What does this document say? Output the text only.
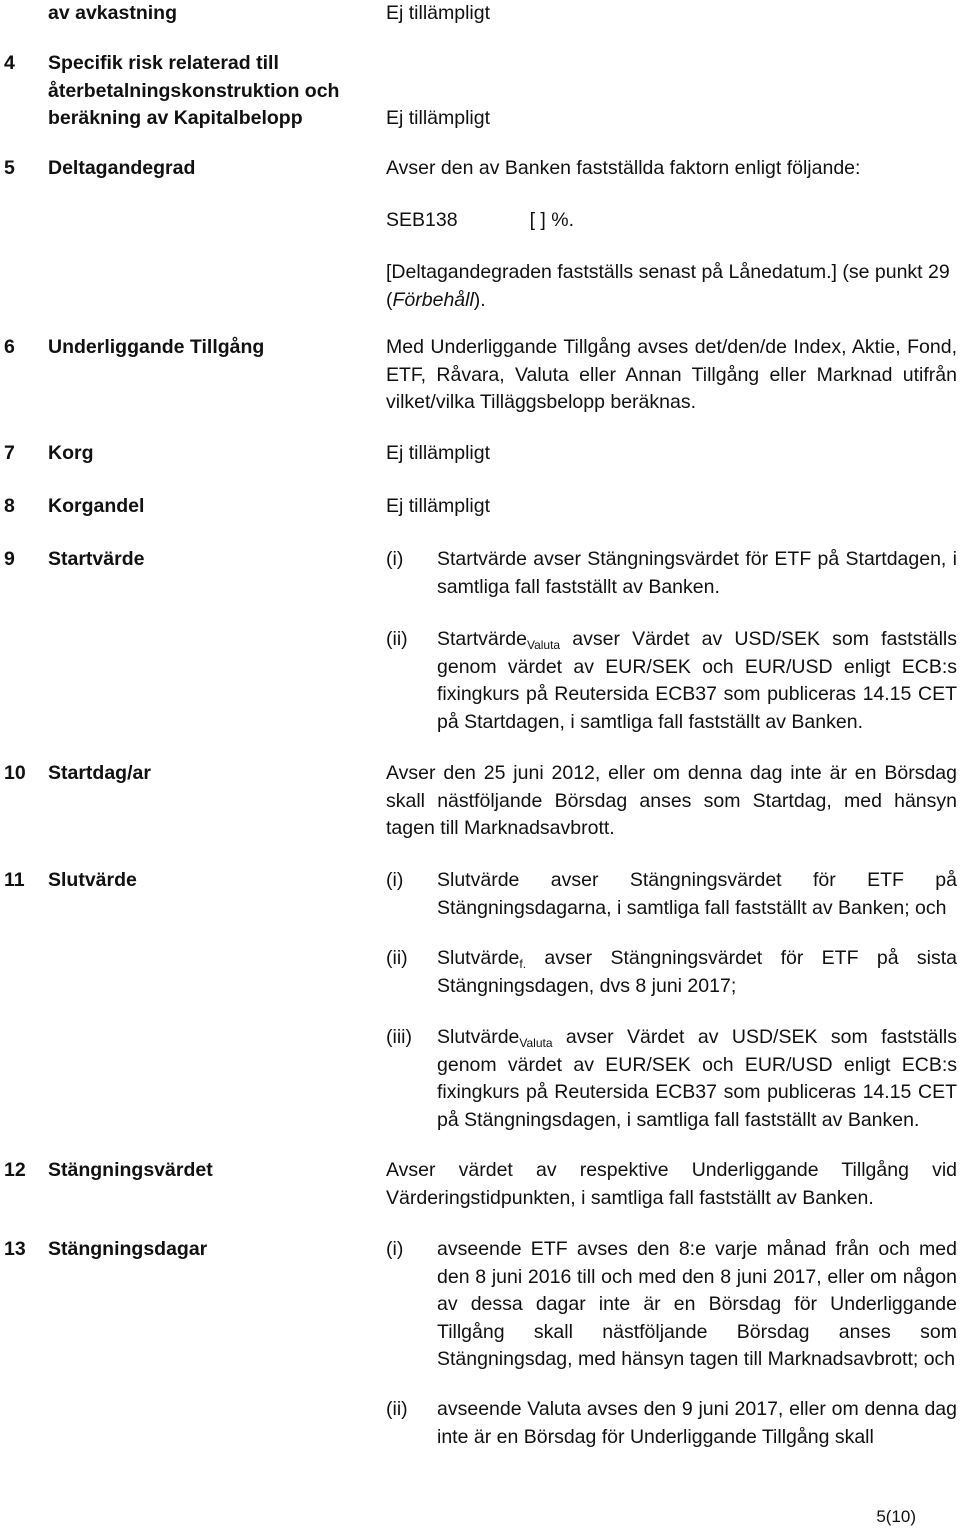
av avkastning	Ej tillämpligt
4	Specifik risk relaterad till
återbetalningskonstruktion och
beräkning av Kapitalbelopp	Ej tillämpligt
5	Deltagandegrad	Avser den av Banken fastställda faktorn enligt följande:
SEB138	[ ] %.
[Deltagandegraden fastställs senast på Lånedatum.] (se punkt 29
(Förbehåll).
6	Underliggande Tillgång	Med Underliggande Tillgång avses det/den/de Index, Aktie, Fond, ETF, Råvara, Valuta eller Annan Tillgång eller Marknad utifrån vilket/vilka Tilläggsbelopp beräknas.
7	Korg	Ej tillämpligt
8	Korgandel	Ej tillämpligt
9	Startvärde	(i)	Startvärde avser Stängningsvärdet för ETF på Startdagen, i samtliga fall fastställt av Banken.
(ii)	Startvärde$_{Valuta}$ avser Värdet av USD/SEK som fastställs genom värdet av EUR/SEK och EUR/USD enligt ECB:s fixingkurs på Reutersida ECB37 som publiceras 14.15 CET på Startdagen, i samtliga fall fastställt av Banken.
10	Startdag/ar	Avser den 25 juni 2012, eller om denna dag inte är en Börsdag skall nästföljande Börsdag anses som Startdag, med hänsyn tagen till Marknadsavbrott.
11	Slutvärde	(i)	Slutvärde avser Stängningsvärdet för ETF på Stängningsdagarna, i samtliga fall fastställt av Banken; och
(ii)	Slutvärde$_{f.}$ avser Stängningsvärdet för ETF på sista Stängningsdagen, dvs 8 juni 2017;
(iii)	Slutvärde$_{Valuta}$ avser Värdet av USD/SEK som fastställs genom värdet av EUR/SEK och EUR/USD enligt ECB:s fixingkurs på Reutersida ECB37 som publiceras 14.15 CET på Stängningsdagen, i samtliga fall fastställt av Banken.
12	Stängningsvärdet	Avser värdet av respektive Underliggande Tillgång vid Värderingstidpunkten, i samtliga fall fastställt av Banken.
13	Stängningsdagar	(i)	avseende ETF avses den 8:e varje månad från och med den 8 juni 2016 till och med den 8 juni 2017, eller om någon av dessa dagar inte är en Börsdag för Underliggande Tillgång skall nästföljande Börsdag anses som Stängningsdag, med hänsyn tagen till Marknadsavbrott; och
(ii)	avseende Valuta avses den 9 juni 2017, eller om denna dag inte är en Börsdag för Underliggande Tillgång skall
5(10)
